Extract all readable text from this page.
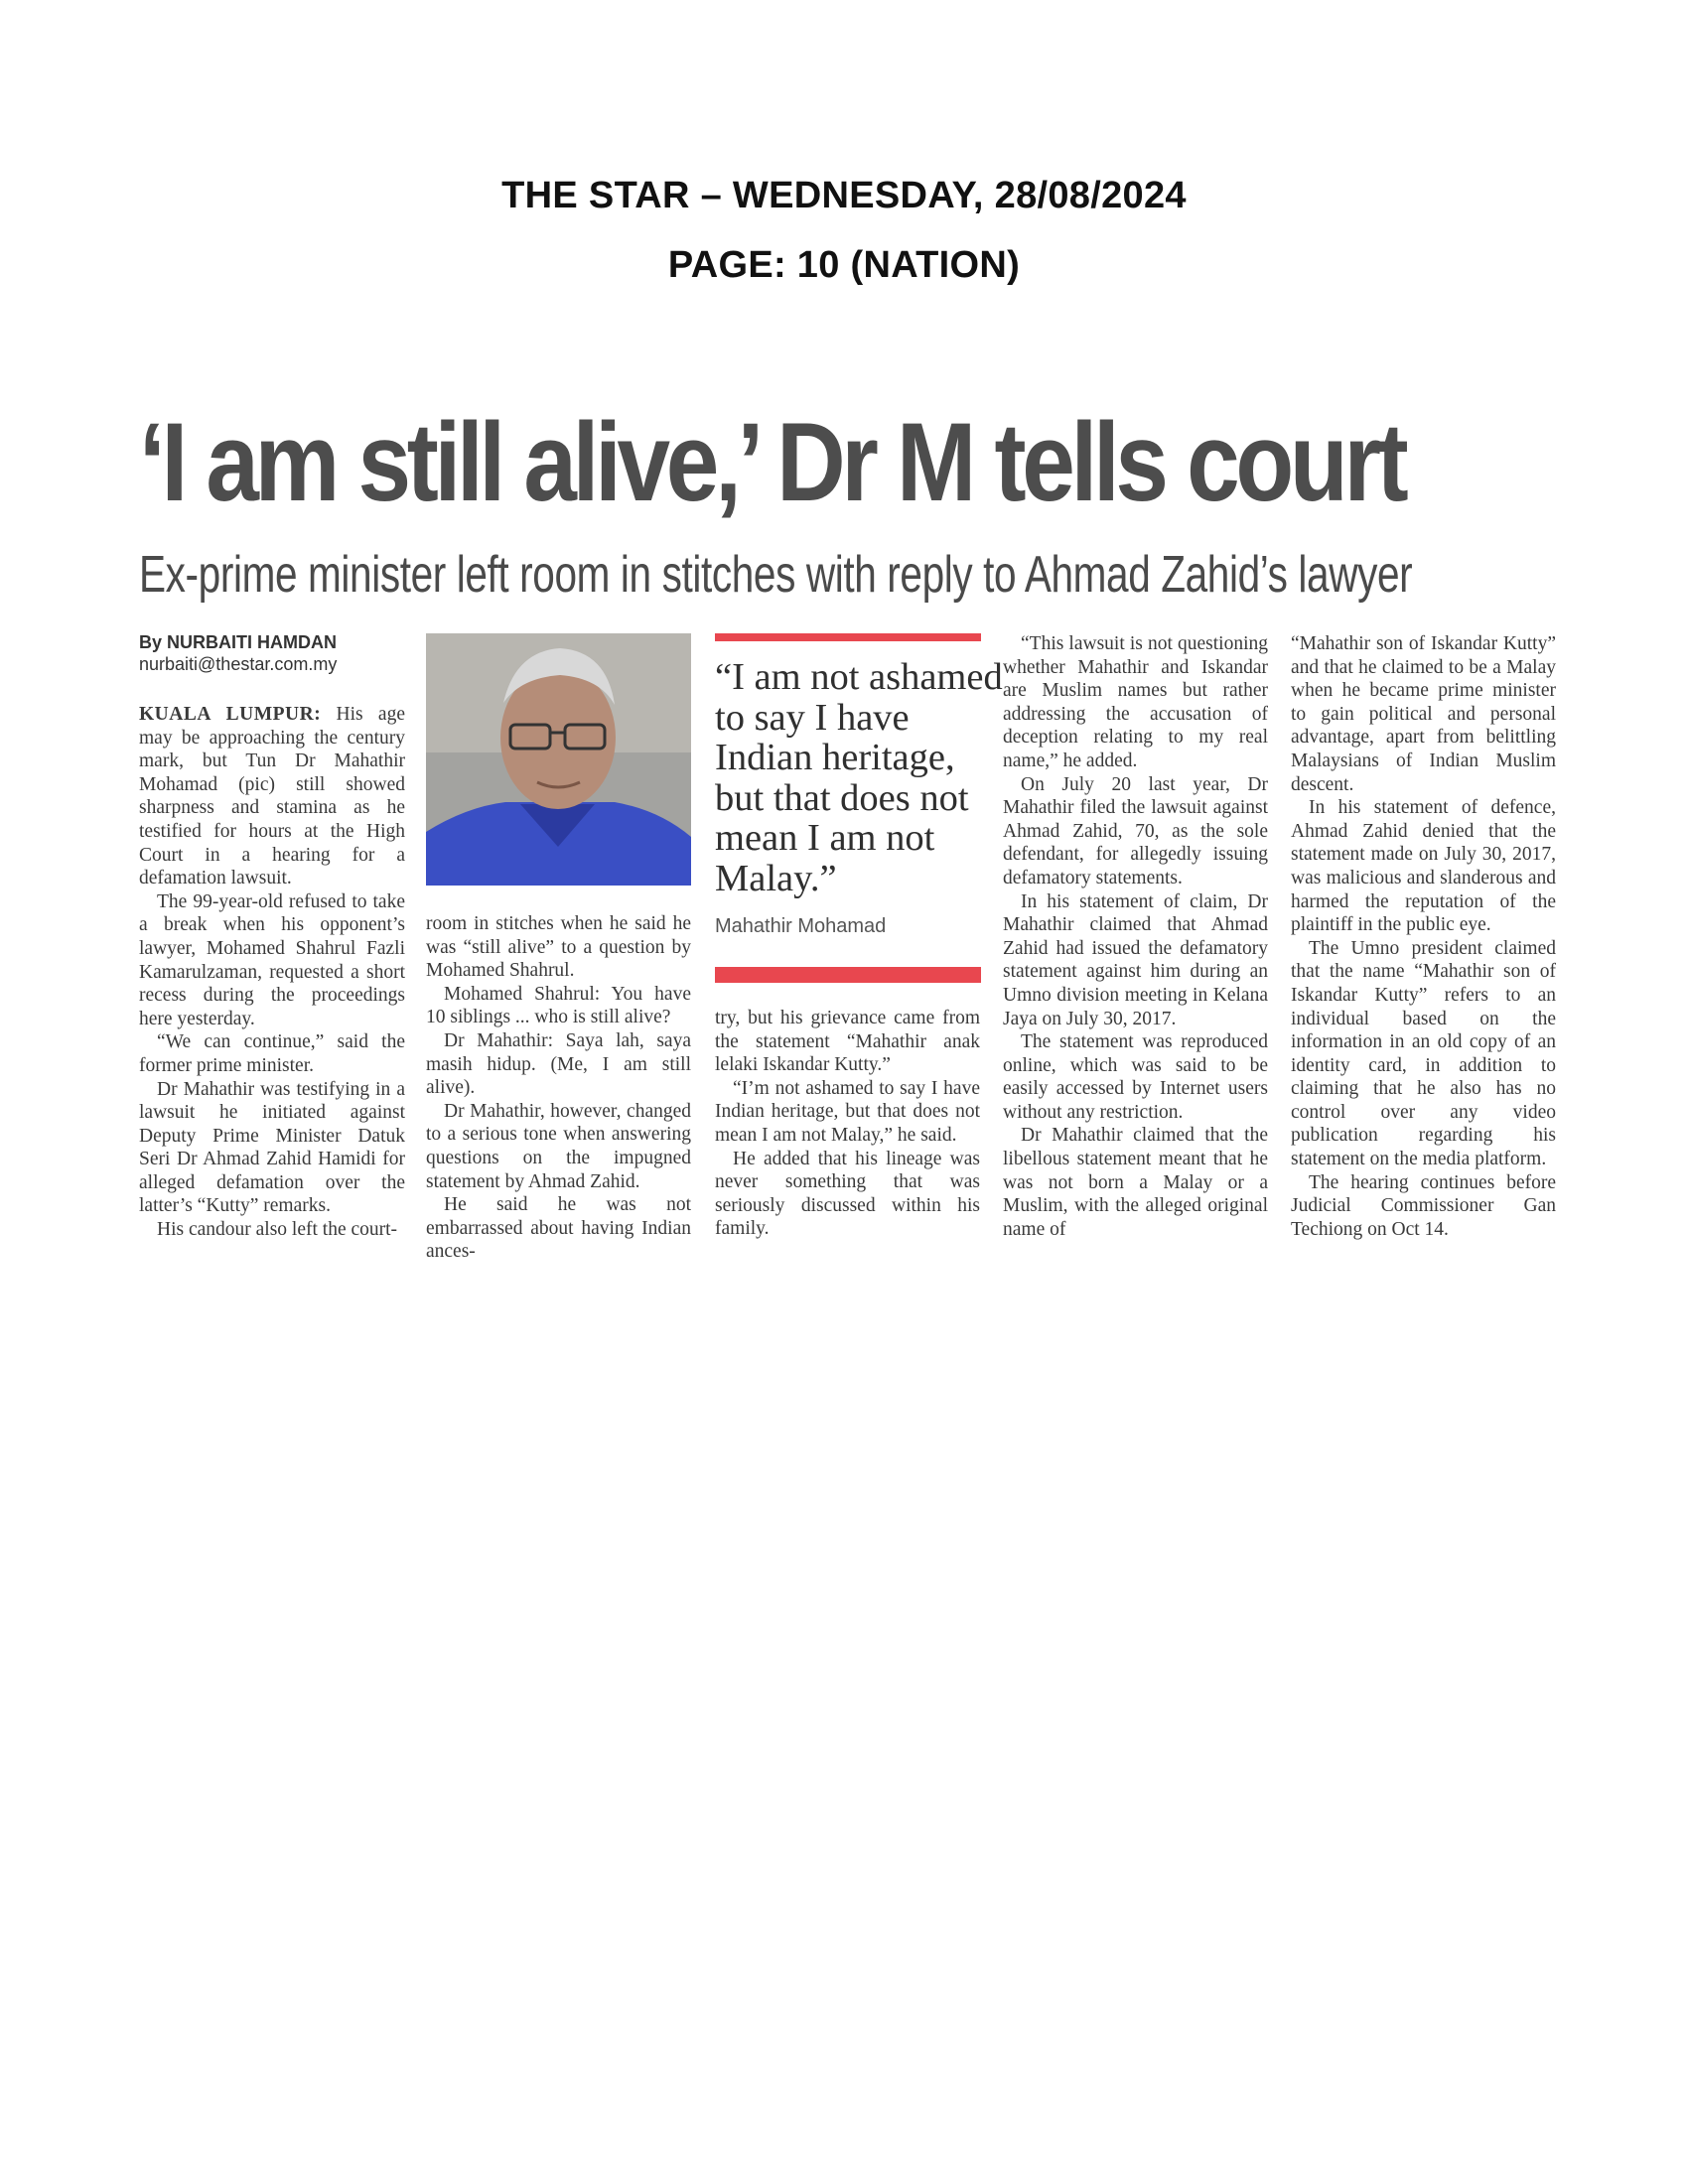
THE STAR – WEDNESDAY, 28/08/2024
PAGE: 10 (NATION)
‘I am still alive,’ Dr M tells court
Ex-prime minister left room in stitches with reply to Ahmad Zahid’s lawyer
By NURBAITI HAMDAN
nurbaiti@thestar.com.my

KUALA LUMPUR: His age may be approaching the century mark, but Tun Dr Mahathir Mohamad (pic) still showed sharpness and stamina as he testified for hours at the High Court in a hearing for a defamation lawsuit.

The 99-year-old refused to take a break when his opponent’s lawyer, Mohamed Shahrul Fazli Kamarulzaman, requested a short recess during the proceedings here yesterday.

“We can continue,” said the former prime minister.

Dr Mahathir was testifying in a lawsuit he initiated against Deputy Prime Minister Datuk Seri Dr Ahmad Zahid Hamidi for alleged defamation over the latter’s “Kutty” remarks.

His candour also left the court-

room in stitches when he said he was “still alive” to a question by Mohamed Shahrul.

Mohamed Shahrul: You have 10 siblings ... who is still alive?

Dr Mahathir: Saya lah, saya masih hidup. (Me, I am still alive).

Dr Mahathir, however, changed to a serious tone when answering questions on the impugned statement by Ahmad Zahid.

He said he was not embarrassed about having Indian ances-

“I am not ashamed to say I have Indian heritage, but that does not mean I am not Malay.”
Mahathir Mohamad

try, but his grievance came from the statement “Mahathir anak lelaki Iskandar Kutty.”

“I’m not ashamed to say I have Indian heritage, but that does not mean I am not Malay,” he said.

He added that his lineage was never something that was seriously discussed within his family.

“This lawsuit is not questioning whether Mahathir and Iskandar are Muslim names but rather addressing the accusation of deception relating to my real name,” he added.

On July 20 last year, Dr Mahathir filed the lawsuit against Ahmad Zahid, 70, as the sole defendant, for allegedly issuing defamatory statements.

In his statement of claim, Dr Mahathir claimed that Ahmad Zahid had issued the defamatory statement against him during an Umno division meeting in Kelana Jaya on July 30, 2017.

The statement was reproduced online, which was said to be easily accessed by Internet users without any restriction.

Dr Mahathir claimed that the libellous statement meant that he was not born a Malay or a Muslim, with the alleged original name of

“Mahathir son of Iskandar Kutty” and that he claimed to be a Malay when he became prime minister to gain political and personal advantage, apart from belittling Malaysians of Indian Muslim descent.

In his statement of defence, Ahmad Zahid denied that the statement made on July 30, 2017, was malicious and slanderous and harmed the reputation of the plaintiff in the public eye.

The Umno president claimed that the name “Mahathir son of Iskandar Kutty” refers to an individual based on the information in an old copy of an identity card, in addition to claiming that he also has no control over any video publication regarding his statement on the media platform.

The hearing continues before Judicial Commissioner Gan Techiong on Oct 14.
